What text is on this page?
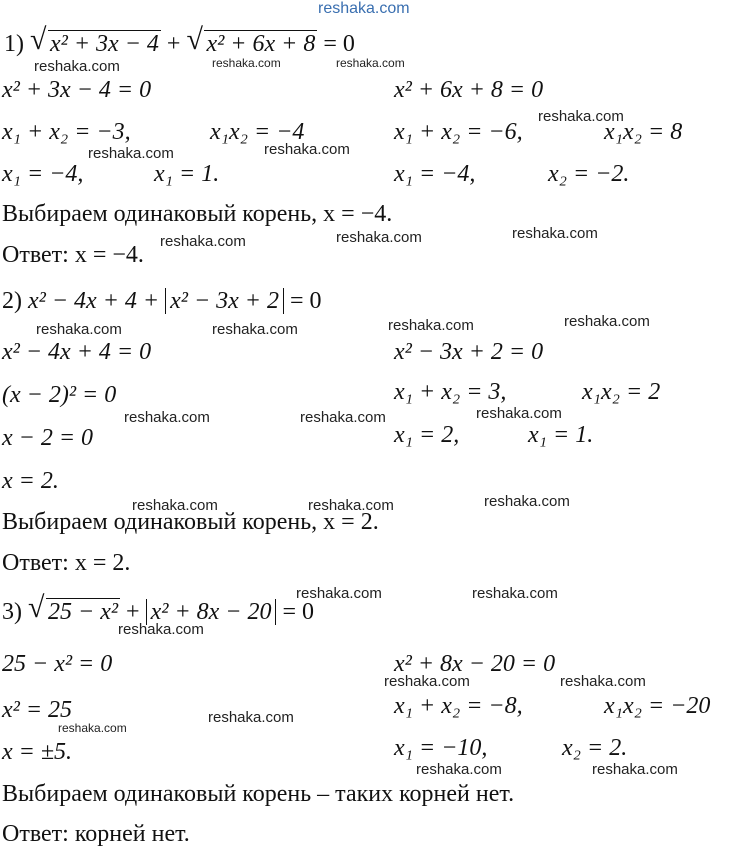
reshaka.com
1) √ x² + 3x − 4 + √ x² + 6x + 8 = 0
reshaka.com	reshaka.com	reshaka.com
x² + 3x − 4 = 0	x² + 6x + 8 = 0
reshaka.com
x₁ + x₂ = −3,	x₁x₂ = −4	x₁ + x₂ = −6,	x₁x₂ = 8
reshaka.com	reshaka.com
x₁ = −4,	x₁ = 1.	x₁ = −4,	x₂ = −2.
Выбираем одинаковый корень, x = −4.
Ответ: x = −4.
reshaka.com	reshaka.com	reshaka.com
2) x² − 4x + 4 + x² − 3x + 2 = 0
reshaka.com	reshaka.com	reshaka.com	reshaka.com
x² − 4x + 4 = 0	x² − 3x + 2 = 0
(x − 2)² = 0	x₁ + x₂ = 3,	x₁x₂ = 2
reshaka.com	reshaka.com	reshaka.com
x − 2 = 0	x₁ = 2,	x₁ = 1.
x = 2.
reshaka.com	reshaka.com	reshaka.com
Выбираем одинаковый корень, x = 2.
Ответ: x = 2.
reshaka.com	reshaka.com
3) √ 25 − x² + x² + 8x − 20 = 0
reshaka.com
25 − x² = 0	x² + 8x − 20 = 0
reshaka.com	reshaka.com
x² = 25
reshaka.com
reshaka.com	x₁ + x₂ = −8,	x₁x₂ = −20
x = ±5.	x₁ = −10,	x₂ = 2.
reshaka.com	reshaka.com
Выбираем одинаковый корень – таких корней нет.
Ответ: корней нет.
